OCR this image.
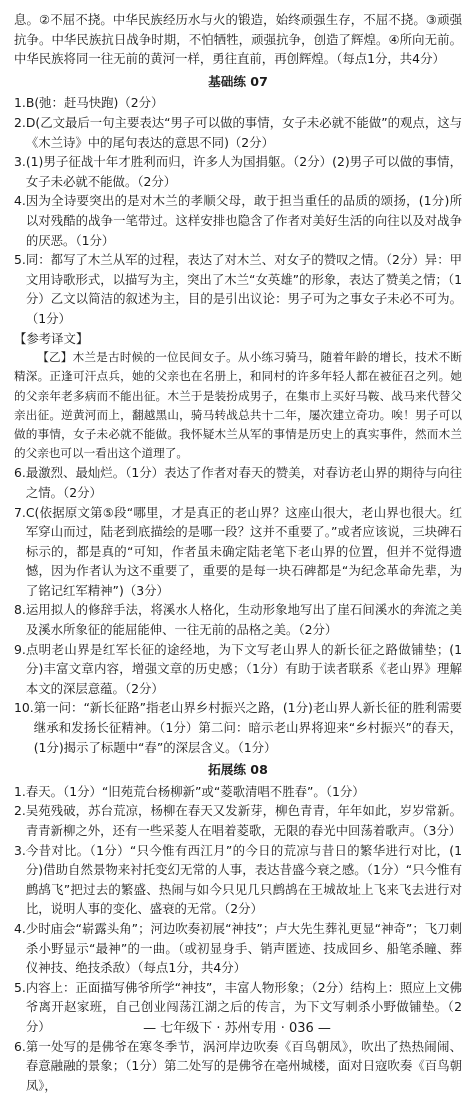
息。②不屈不挠。中华民族经历水与火的锻造，始终顽强生存，不屈不挠。③顽强抗争。中华民族抗日战争时期，不怕牺牲，顽强抗争，创造了辉煌。④所向无前。中华民族将同一往无前的黄河一样，勇往直前，再创辉煌。（每点1分，共4分）

基础练 07
1. B(弛：赶马快跑)（2分）
2. D(乙文最后一句主要表达“男子可以做的事情，女子未必就不能做”的观点，这与《木兰诗》中的尾句表达的意思不同)（2分）
3. (1)男子征战十年才胜利而归，许多人为国捐躯。（2分）(2)男子可以做的事情，女子未必就不能做。（2分）
4. 因为全诗要突出的是对木兰的孝顺父母，敢于担当重任的品质的颂扬，(1分)所以对残酷的战争一笔带过。这样安排也隐含了作者对美好生活的向往以及对战争的厌恶。（1分）
5. 同：都写了木兰从军的过程，表达了对木兰、对女子的赞叹之情。（2分）异：甲文用诗歌形式，以描写为主，突出了木兰“女英雄”的形象，表达了赞美之情；（1分）乙文以简洁的叙述为主，目的是引出议论：男子可为之事女子未必不可为。（1分）

【参考译文】

【乙】木兰是古时候的一位民间女子。从小练习骑马，随着年龄的增长，技术不断精深。正逢可汗点兵，她的父亲也在名册上，和同村的许多年轻人都在被征召之列。她的父亲年老多病而不能出征。木兰于是装扮成男子，在集市上买好马鞍、战马来代替父亲出征。逆黄河而上，翻越黑山，骑马转战总共十二年，屡次建立奇功。唉！男子可以做的事情，女子未必就不能做。我怀疑木兰从军的事情是历史上的真实事件，然而木兰的父亲也可以一看出这个道理了。

6. 最激烈、最灿烂。（1分）表达了作者对春天的赞美，对春访老山界的期待与向往之情。（2分）
7. C(依据原文第⑤段“哪里，才是真正的老山界？这座山很大，老山界也很大。红军穿山而过，陆老到底描绘的是哪一段？这并不重要了。”或者应该说，三块碑石标示的，都是真的“可知，作者虽未确定陆老笔下老山界的位置，但并不觉得遗憾，因为作者认为这不重要了，重要的是每一块石碑都是“为纪念革命先辈，为了铭记红军精神”)（3分）
8. 运用拟人的修辞手法，将溪水人格化，生动形象地写出了崖石间溪水的奔流之美及溪水所象征的能屈能伸、一往无前的品格之美。（2分）
9. 点明老山界是红军长征的途经地，为下文写老山界人的新长征之路做铺垫；(1分)丰富文章内容，增强文章的历史感；（1分）有助于读者联系《老山界》理解本文的深层意蕴。（2分）
10. 第一问：“新长征路”指老山界乡村振兴之路，(1分)老山界人新长征的胜利需要继承和发扬长征精神。（1分）第二问：暗示老山界将迎来“乡村振兴”的春天，(1分)揭示了标题中“春”的深层含义。（1分）
拓展练 08
1. 春天。（1分）“旧苑荒台杨柳新”或“菱歌清唱不胜春”。（1分）
2. 吴苑残破，苏台荒凉，杨柳在春天又发新芽，柳色青青，年年如此，岁岁常新。青青新柳之外，还有一些采菱人在唱着菱歌，无限的春光中回荡着歌声。（3分）
3. 今昔对比。（1分）“只今惟有西江月”的今日的荒凉与昔日的繁华进行对比，(1分)借助自然景物来衬托变幻无常的人事，表达昔盛今衰之感。（1分）“只今惟有鹧鸪飞”把过去的繁盛、热闹与如今只见几只鹧鸪在王城故址上飞来飞去进行对比，说明人事的变化、盛衰的无常。（2分）
4. 少时庙会“崭露头角”；河边吹奏初展“神技”；卢大先生葬礼更显“神奇”；飞刀刺杀小野显示“最神”的一曲。（或初显身手、销声匿迹、技成回乡、船笔杀瞳、葬仪神技、绝技杀敌）（每点1分，共4分）
5. 内容上：正面描写佛爷所学“神技”，丰富人物形象；（2分）结构上：照应上文佛爷离开赵家班，自己创业闯荡江湖之后的传言，为下文写刺杀小野做铺垫。（2分）
6. 第一处写的是佛爷在寒冬季节，涡河岸边吹奏《百鸟朝凤》，吹出了热热闹闹、春意融融的景象；（1分）第二处写的是佛爷在亳州城楼，面对日寇吹奏《百鸟朝凤》，
— 七年级下 · 苏州专用 · 036 —
